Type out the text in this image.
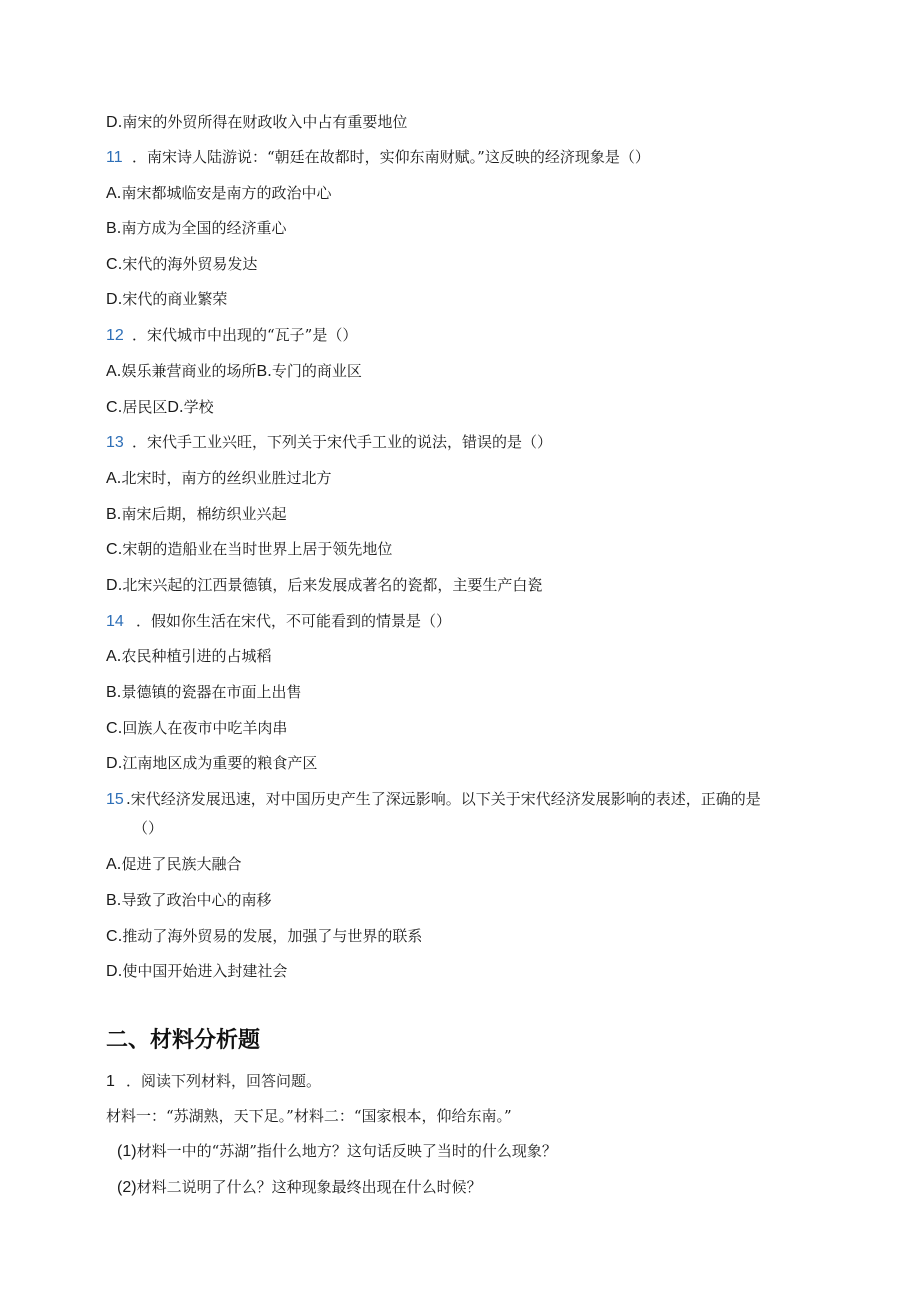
D.南宋的外贸所得在财政收入中占有重要地位
11 ．南宋诗人陆游说：“朝廷在故都时，实仰东南财赋。”这反映的经济现象是（）
A.南宋都城临安是南方的政治中心
B.南方成为全国的经济重心
C.宋代的海外贸易发达
D.宋代的商业繁荣
12 ．宋代城市中出现的“瓦子”是（）
A.娱乐兼营商业的场所B.专门的商业区
C.居民区D.学校
13 ．宋代手工业兴旺，下列关于宋代手工业的说法，错误的是（）
A.北宋时，南方的丝织业胜过北方
B.南宋后期，棉纺织业兴起
C.宋朝的造船业在当时世界上居于领先地位
D.北宋兴起的江西景德镇，后来发展成著名的瓷都，主要生产白瓷
14 ．假如你生活在宋代，不可能看到的情景是（）
A.农民种植引进的占城稻
B.景德镇的瓷器在市面上出售
C.回族人在夜市中吃羊肉串
D.江南地区成为重要的粮食产区
15 .宋代经济发展迅速，对中国历史产生了深远影响。以下关于宋代经济发展影响的表述，正确的是
（）
A.促进了民族大融合
B.导致了政治中心的南移
C.推动了海外贸易的发展，加强了与世界的联系
D.使中国开始进入封建社会
二、材料分析题
1 ．阅读下列材料，回答问题。
材料一：“苏湖熟，天下足。”材料二：“国家根本，仰给东南。”
(1)材料一中的“苏湖”指什么地方？这句话反映了当时的什么现象？
(2)材料二说明了什么？这种现象最终出现在什么时候？
